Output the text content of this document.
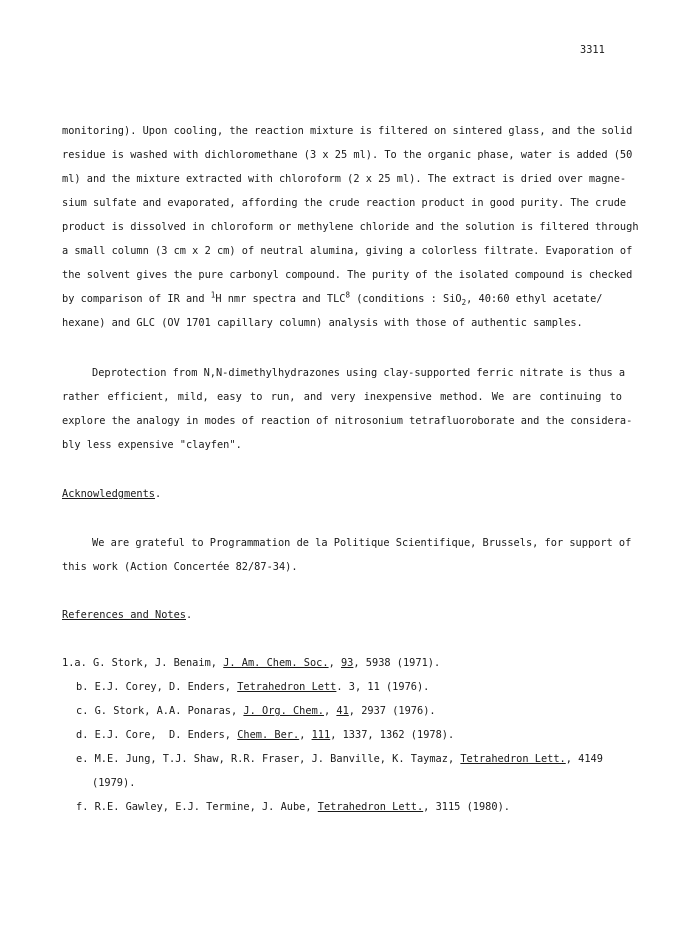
3311
monitoring). Upon cooling, the reaction mixture is filtered on sintered glass, and the solid
residue is washed with dichloromethane (3 x 25 ml). To the organic phase, water is added (50
ml) and the mixture extracted with chloroform (2 x 25 ml). The extract is dried over magne-
sium sulfate and evaporated, affording the crude reaction product in good purity. The crude
product is dissolved in chloroform or methylene chloride and the solution is filtered through
a small column (3 cm x 2 cm) of neutral alumina, giving a colorless filtrate. Evaporation of
the solvent gives the pure carbonyl compound. The purity of the isolated compound is checked
by comparison of IR and $^1$H nmr spectra and TLC$^8$ (conditions : SiO$_2$, 40:60 ethyl acetate/
hexane) and GLC (OV 1701 capillary column) analysis with those of authentic samples.
Deprotection from N,N-dimethylhydrazones using clay-supported ferric nitrate is thus a
rather efficient, mild, easy to run, and very inexpensive method. We are continuing to
explore the analogy in modes of reaction of nitrosonium tetrafluoroborate and the considera-
bly less expensive "clayfen".
Acknowledgments.
We are grateful to Programmation de la Politique Scientifique, Brussels, for support of
this work (Action Concertée 82/87-34).
References and Notes.
1.a. G. Stork, J. Benaim, J. Am. Chem. Soc., 93, 5938 (1971).
b. E.J. Corey, D. Enders, Tetrahedron Lett. 3, 11 (1976).
c. G. Stork, A.A. Ponaras, J. Org. Chem., 41, 2937 (1976).
d. E.J. Core,  D. Enders, Chem. Ber., 111, 1337, 1362 (1978).
e. M.E. Jung, T.J. Shaw, R.R. Fraser, J. Banville, K. Taymaz, Tetrahedron Lett., 4149
(1979).
f. R.E. Gawley, E.J. Termine, J. Aube, Tetrahedron Lett., 3115 (1980).
